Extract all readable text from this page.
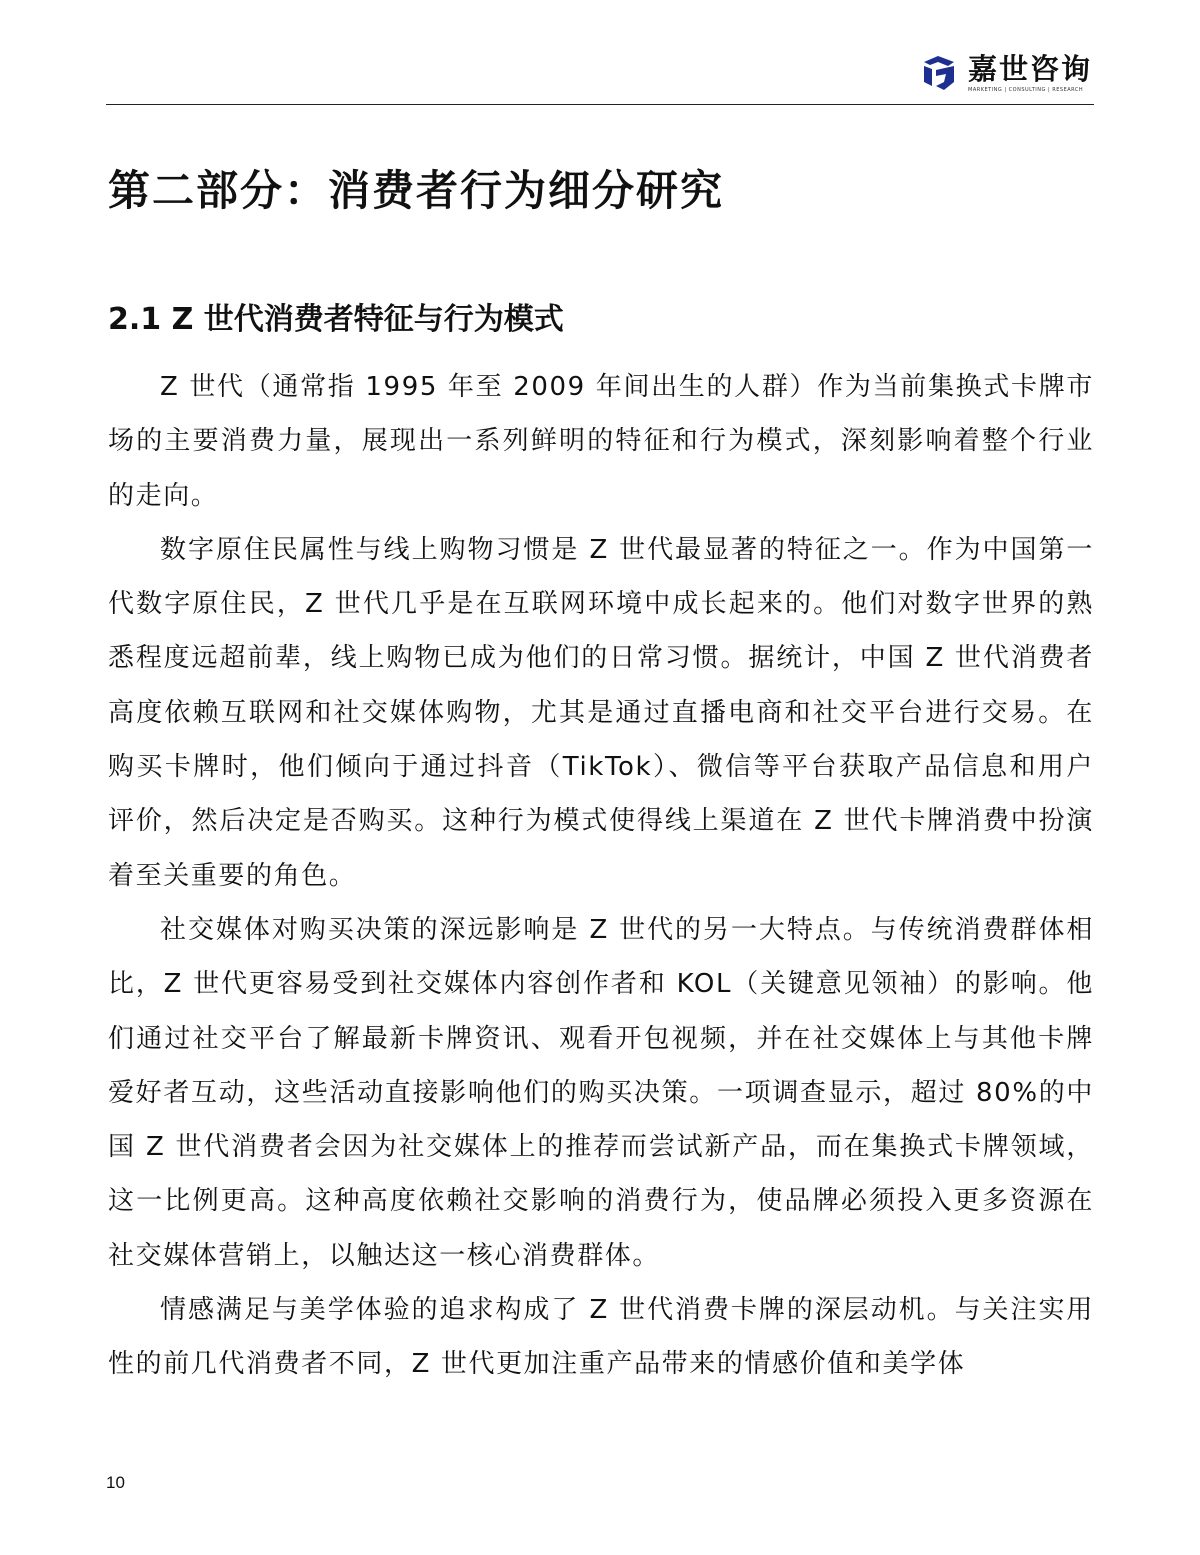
嘉世咨询
MARKETING | CONSULTING | RESEARCH
第二部分：消费者行为细分研究
2.1 Z 世代消费者特征与行为模式

Z 世代（通常指 1995 年至 2009 年间出生的人群）作为当前集换式卡牌市场的主要消费力量，展现出一系列鲜明的特征和行为模式，深刻影响着整个行业的走向。

数字原住民属性与线上购物习惯是 Z 世代最显著的特征之一。作为中国第一代数字原住民，Z 世代几乎是在互联网环境中成长起来的。他们对数字世界的熟悉程度远超前辈，线上购物已成为他们的日常习惯。据统计，中国 Z 世代消费者高度依赖互联网和社交媒体购物，尤其是通过直播电商和社交平台进行交易。在购买卡牌时，他们倾向于通过抖音（TikTok）、微信等平台获取产品信息和用户评价，然后决定是否购买。这种行为模式使得线上渠道在 Z 世代卡牌消费中扮演着至关重要的角色。

社交媒体对购买决策的深远影响是 Z 世代的另一大特点。与传统消费群体相比，Z 世代更容易受到社交媒体内容创作者和 KOL（关键意见领袖）的影响。他们通过社交平台了解最新卡牌资讯、观看开包视频，并在社交媒体上与其他卡牌爱好者互动，这些活动直接影响他们的购买决策。一项调查显示，超过 80%的中国 Z 世代消费者会因为社交媒体上的推荐而尝试新产品，而在集换式卡牌领域，这一比例更高。这种高度依赖社交影响的消费行为，使品牌必须投入更多资源在社交媒体营销上，以触达这一核心消费群体。

情感满足与美学体验的追求构成了 Z 世代消费卡牌的深层动机。与关注实用性的前几代消费者不同，Z 世代更加注重产品带来的情感价值和美学体

10
